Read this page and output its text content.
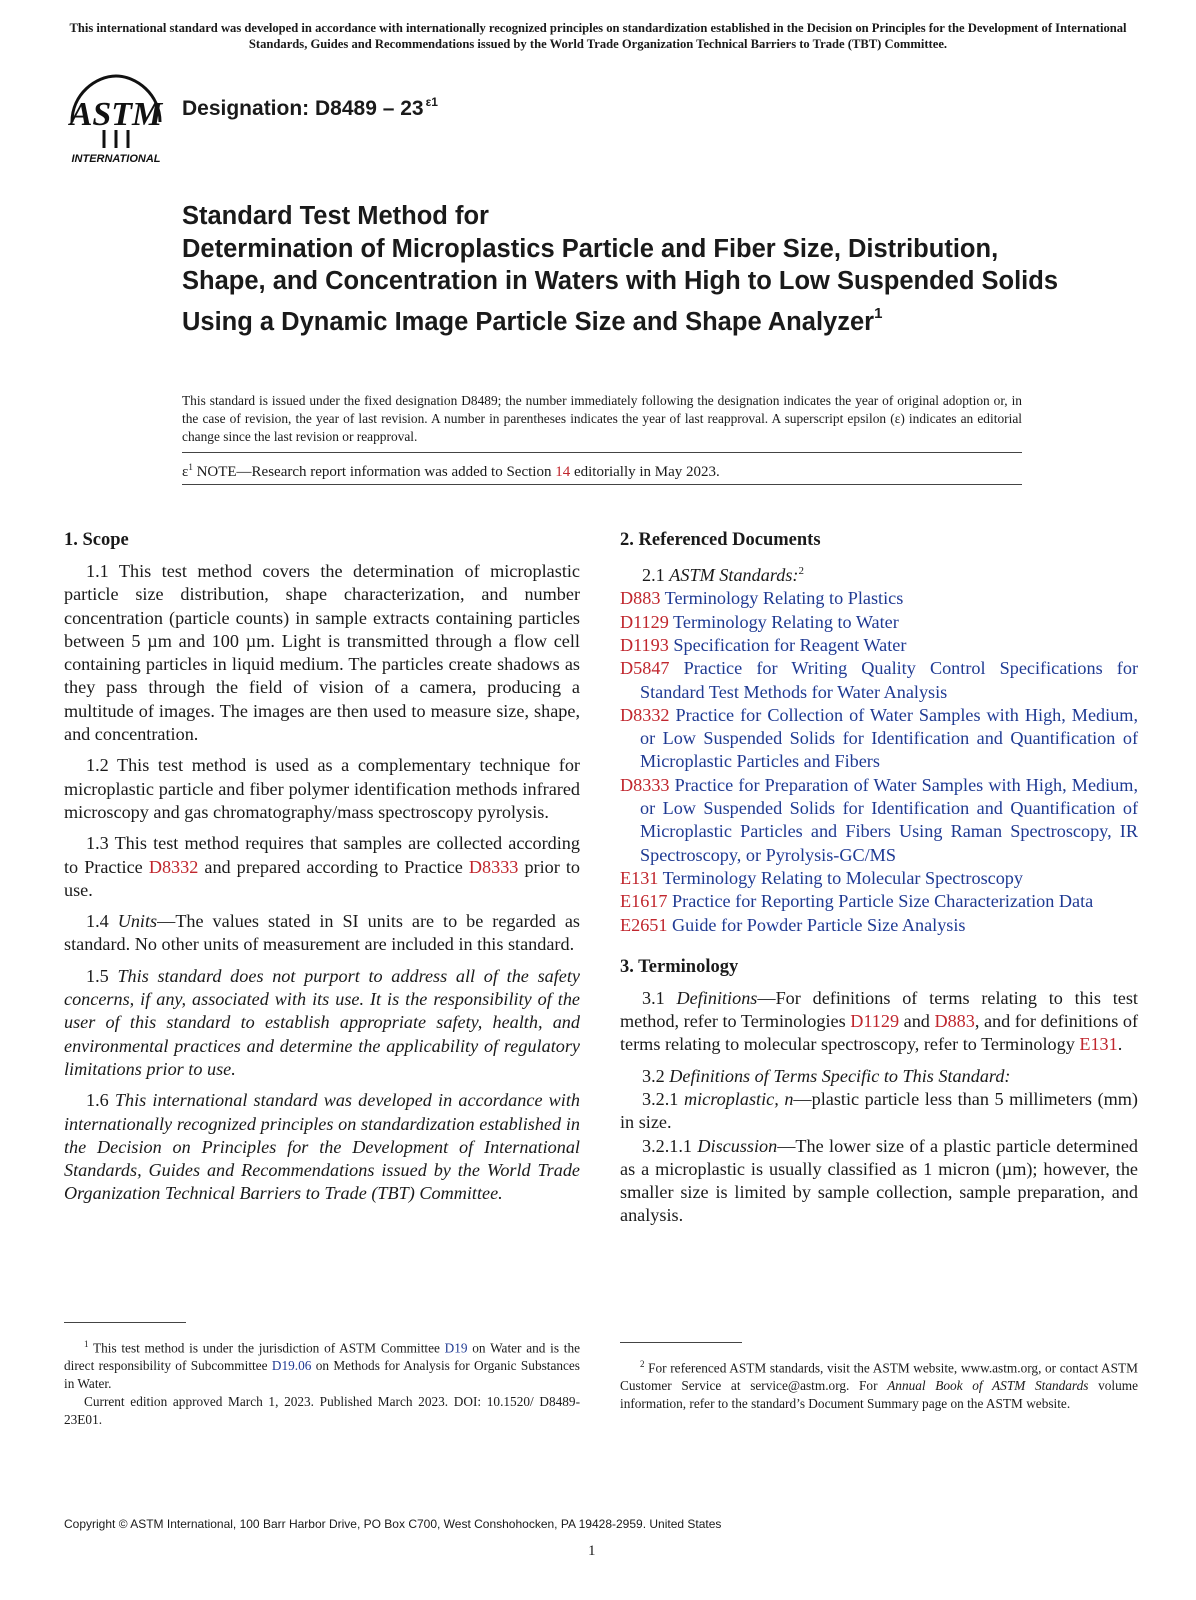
This international standard was developed in accordance with internationally recognized principles on standardization established in the Decision on Principles for the Development of International Standards, Guides and Recommendations issued by the World Trade Organization Technical Barriers to Trade (TBT) Committee.
ASTM
INTERNATIONAL
Designation: D8489 – 23 $^{\varepsilon 1}$
Standard Test Method for
Determination of Microplastics Particle and Fiber Size, Distribution, Shape, and Concentration in Waters with High to Low Suspended Solids Using a Dynamic Image Particle Size and Shape Analyzer$^1$
This standard is issued under the fixed designation D8489; the number immediately following the designation indicates the year of original adoption or, in the case of revision, the year of last revision. A number in parentheses indicates the year of last reapproval. A superscript epsilon (ε) indicates an editorial change since the last revision or reapproval.
$\varepsilon^1$ NOTE—Research report information was added to Section 14 editorially in May 2023.
1. Scope

1.1 This test method covers the determination of microplastic particle size distribution, shape characterization, and number concentration (particle counts) in sample extracts containing particles between 5 µm and 100 µm. Light is transmitted through a flow cell containing particles in liquid medium. The particles create shadows as they pass through the field of vision of a camera, producing a multitude of images. The images are then used to measure size, shape, and concentration.

1.2 This test method is used as a complementary technique for microplastic particle and fiber polymer identification methods infrared microscopy and gas chromatography/mass spectroscopy pyrolysis.

1.3 This test method requires that samples are collected according to Practice D8332 and prepared according to Practice D8333 prior to use.

1.4 Units—The values stated in SI units are to be regarded as standard. No other units of measurement are included in this standard.

1.5 This standard does not purport to address all of the safety concerns, if any, associated with its use. It is the responsibility of the user of this standard to establish appropriate safety, health, and environmental practices and determine the applicability of regulatory limitations prior to use.

1.6 This international standard was developed in accordance with internationally recognized principles on standardization established in the Decision on Principles for the Development of International Standards, Guides and Recommendations issued by the World Trade Organization Technical Barriers to Trade (TBT) Committee.

2. Referenced Documents
2.1 ASTM Standards:$^2$
D883 Terminology Relating to Plastics
D1129 Terminology Relating to Water
D1193 Specification for Reagent Water
D5847 Practice for Writing Quality Control Specifications for Standard Test Methods for Water Analysis
D8332 Practice for Collection of Water Samples with High, Medium, or Low Suspended Solids for Identification and Quantification of Microplastic Particles and Fibers
D8333 Practice for Preparation of Water Samples with High, Medium, or Low Suspended Solids for Identification and Quantification of Microplastic Particles and Fibers Using Raman Spectroscopy, IR Spectroscopy, or Pyrolysis-GC/MS
E131 Terminology Relating to Molecular Spectroscopy
E1617 Practice for Reporting Particle Size Characterization Data
E2651 Guide for Powder Particle Size Analysis
3. Terminology

3.1 Definitions—For definitions of terms relating to this test method, refer to Terminologies D1129 and D883, and for definitions of terms relating to molecular spectroscopy, refer to Terminology E131.

3.2 Definitions of Terms Specific to This Standard:

3.2.1 microplastic, n—plastic particle less than 5 millimeters (mm) in size.

3.2.1.1 Discussion—The lower size of a plastic particle determined as a microplastic is usually classified as 1 micron (µm); however, the smaller size is limited by sample collection, sample preparation, and analysis.

$^1$ This test method is under the jurisdiction of ASTM Committee D19 on Water and is the direct responsibility of Subcommittee D19.06 on Methods for Analysis for Organic Substances in Water.

Current edition approved March 1, 2023. Published March 2023. DOI: 10.1520/ D8489-23E01.

$^2$ For referenced ASTM standards, visit the ASTM website, www.astm.org, or contact ASTM Customer Service at service@astm.org. For Annual Book of ASTM Standards volume information, refer to the standard’s Document Summary page on the ASTM website.

Copyright © ASTM International, 100 Barr Harbor Drive, PO Box C700, West Conshohocken, PA 19428-2959. United States
1
